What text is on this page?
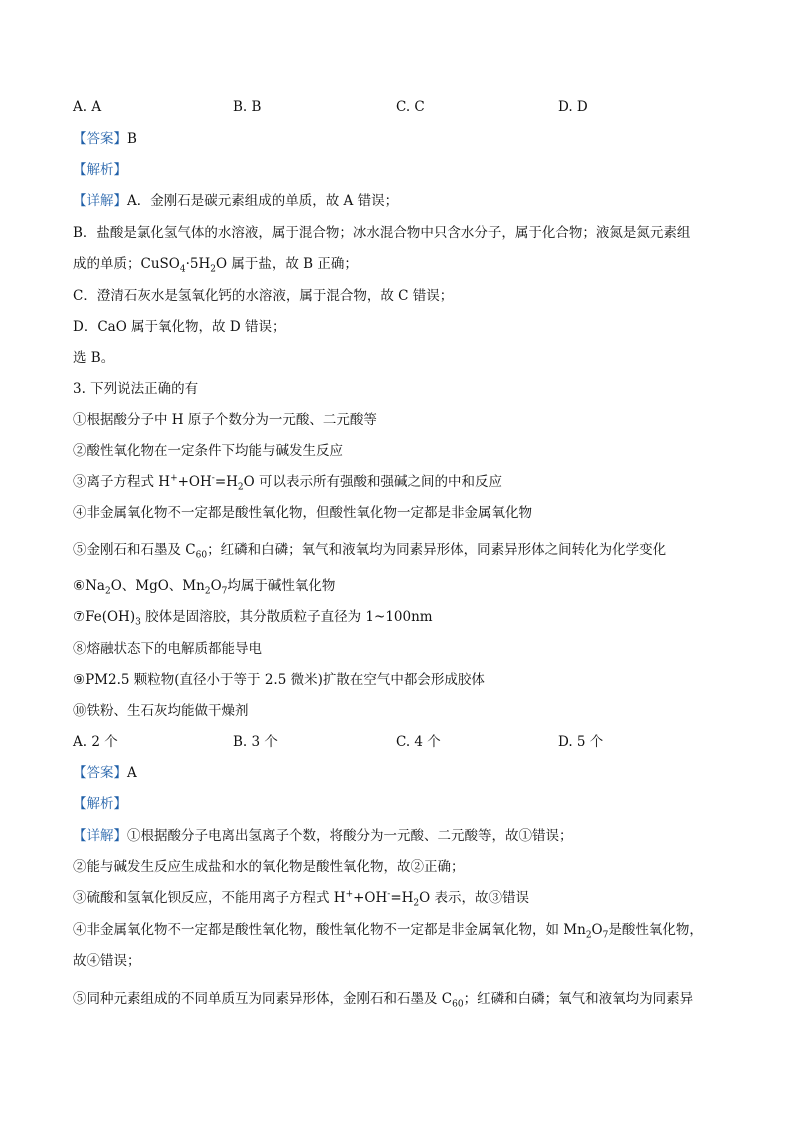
A. A	B. B	C. C	D. D
【答案】B
【解析】
【详解】A．金刚石是碳元素组成的单质，故 A 错误；
B．盐酸是氯化氢气体的水溶液，属于混合物；冰水混合物中只含水分子，属于化合物；液氮是氮元素组
成的单质；$CuSO_4\cdot 5H_2O$ 属于盐，故 B 正确；
C．澄清石灰水是氢氧化钙的水溶液，属于混合物，故 C 错误；
D．CaO 属于氧化物，故 D 错误；
选 B。
3. 下列说法正确的有
①根据酸分子中 H 原子个数分为一元酸、二元酸等
②酸性氧化物在一定条件下均能与碱发生反应
③离子方程式 $H^++OH^-=H_2O$ 可以表示所有强酸和强碱之间的中和反应
④非金属氧化物不一定都是酸性氧化物，但酸性氧化物一定都是非金属氧化物
⑤金刚石和石墨及 $C_{60}$；红磷和白磷；氧气和液氧均为同素异形体，同素异形体之间转化为化学变化
$⑥Na_2O$、MgO、$Mn_2O_7$均属于碱性氧化物
$⑦Fe(OH)_3$ 胶体是固溶胶，其分散质粒子直径为 1~100nm
⑧熔融状态下的电解质都能导电
⑨PM2.5 颗粒物(直径小于等于 2.5 微米)扩散在空气中都会形成胶体
⑩铁粉、生石灰均能做干燥剂
A. 2 个	B. 3 个	C. 4 个	D. 5 个
【答案】A
【解析】
【详解】①根据酸分子电离出氢离子个数，将酸分为一元酸、二元酸等，故①错误；
②能与碱发生反应生成盐和水的氧化物是酸性氧化物，故②正确；
③硫酸和氢氧化钡反应，不能用离子方程式 $H^++OH^-=H_2O$ 表示，故③错误
④非金属氧化物不一定都是酸性氧化物，酸性氧化物不一定都是非金属氧化物，如 $Mn_2O_7$是酸性氧化物，
故④错误；
⑤同种元素组成的不同单质互为同素异形体，金刚石和石墨及 $C_{60}$；红磷和白磷；氧气和液氧均为同素异
